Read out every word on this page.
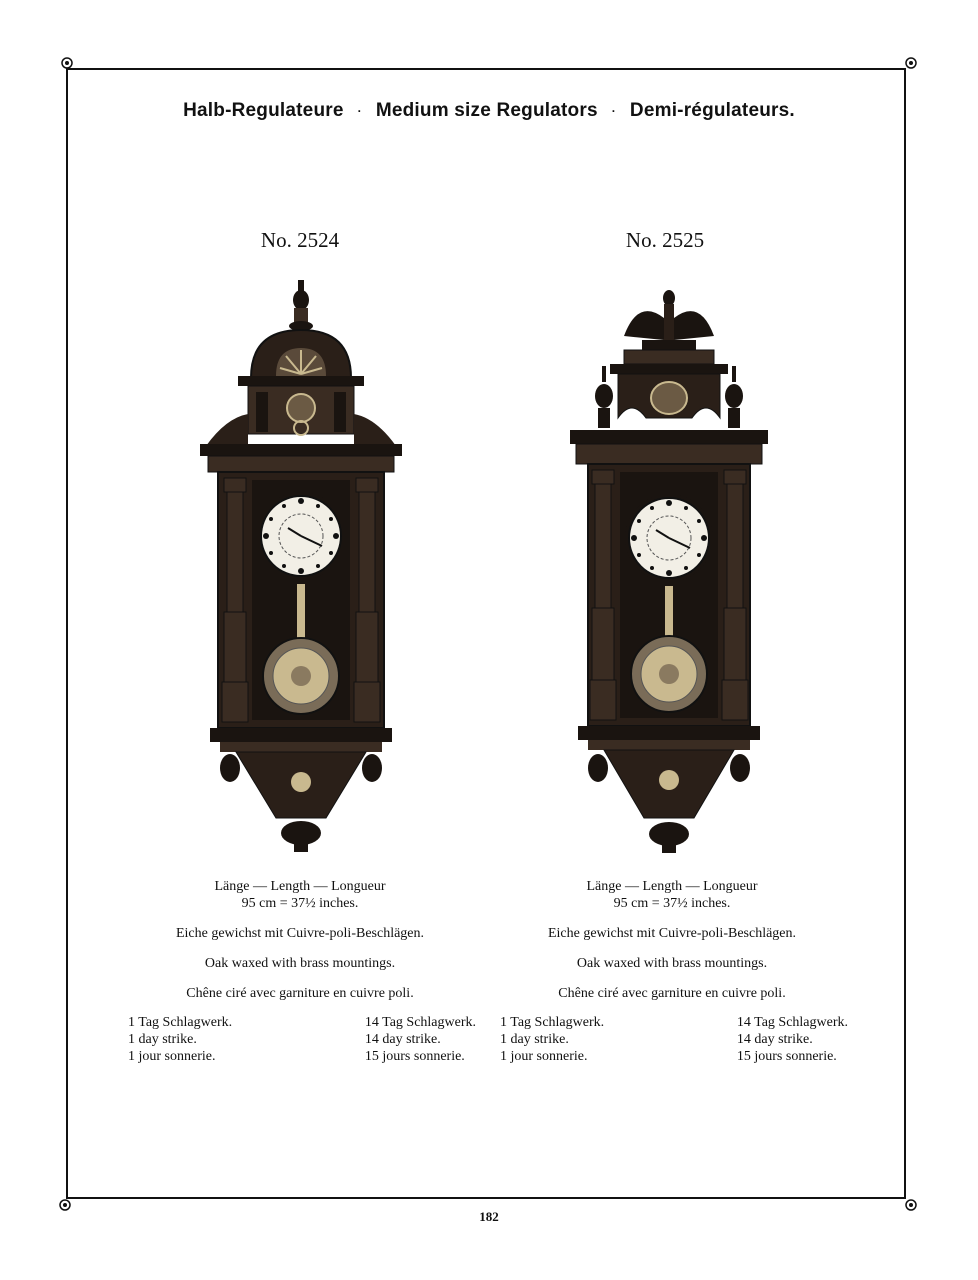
Halb-Regulateure · Medium size Regulators · Demi-régulateurs.
No. 2524	No. 2525

Länge — Length — Longueur

95 cm = 37½ inches.

Eiche gewichst mit Cuivre-poli-Beschlägen.

Oak waxed with brass mountings.

Chêne ciré avec garniture en cuivre poli.

1 Tag Schlagwerk.
1 day strike.
1 jour sonnerie.
14 Tag Schlagwerk.
14 day strike.
15 jours sonnerie.

Länge — Length — Longueur

95 cm = 37½ inches.

Eiche gewichst mit Cuivre-poli-Beschlägen.

Oak waxed with brass mountings.

Chêne ciré avec garniture en cuivre poli.

1 Tag Schlagwerk.
1 day strike.
1 jour sonnerie.
14 Tag Schlagwerk.
14 day strike.
15 jours sonnerie.
182
